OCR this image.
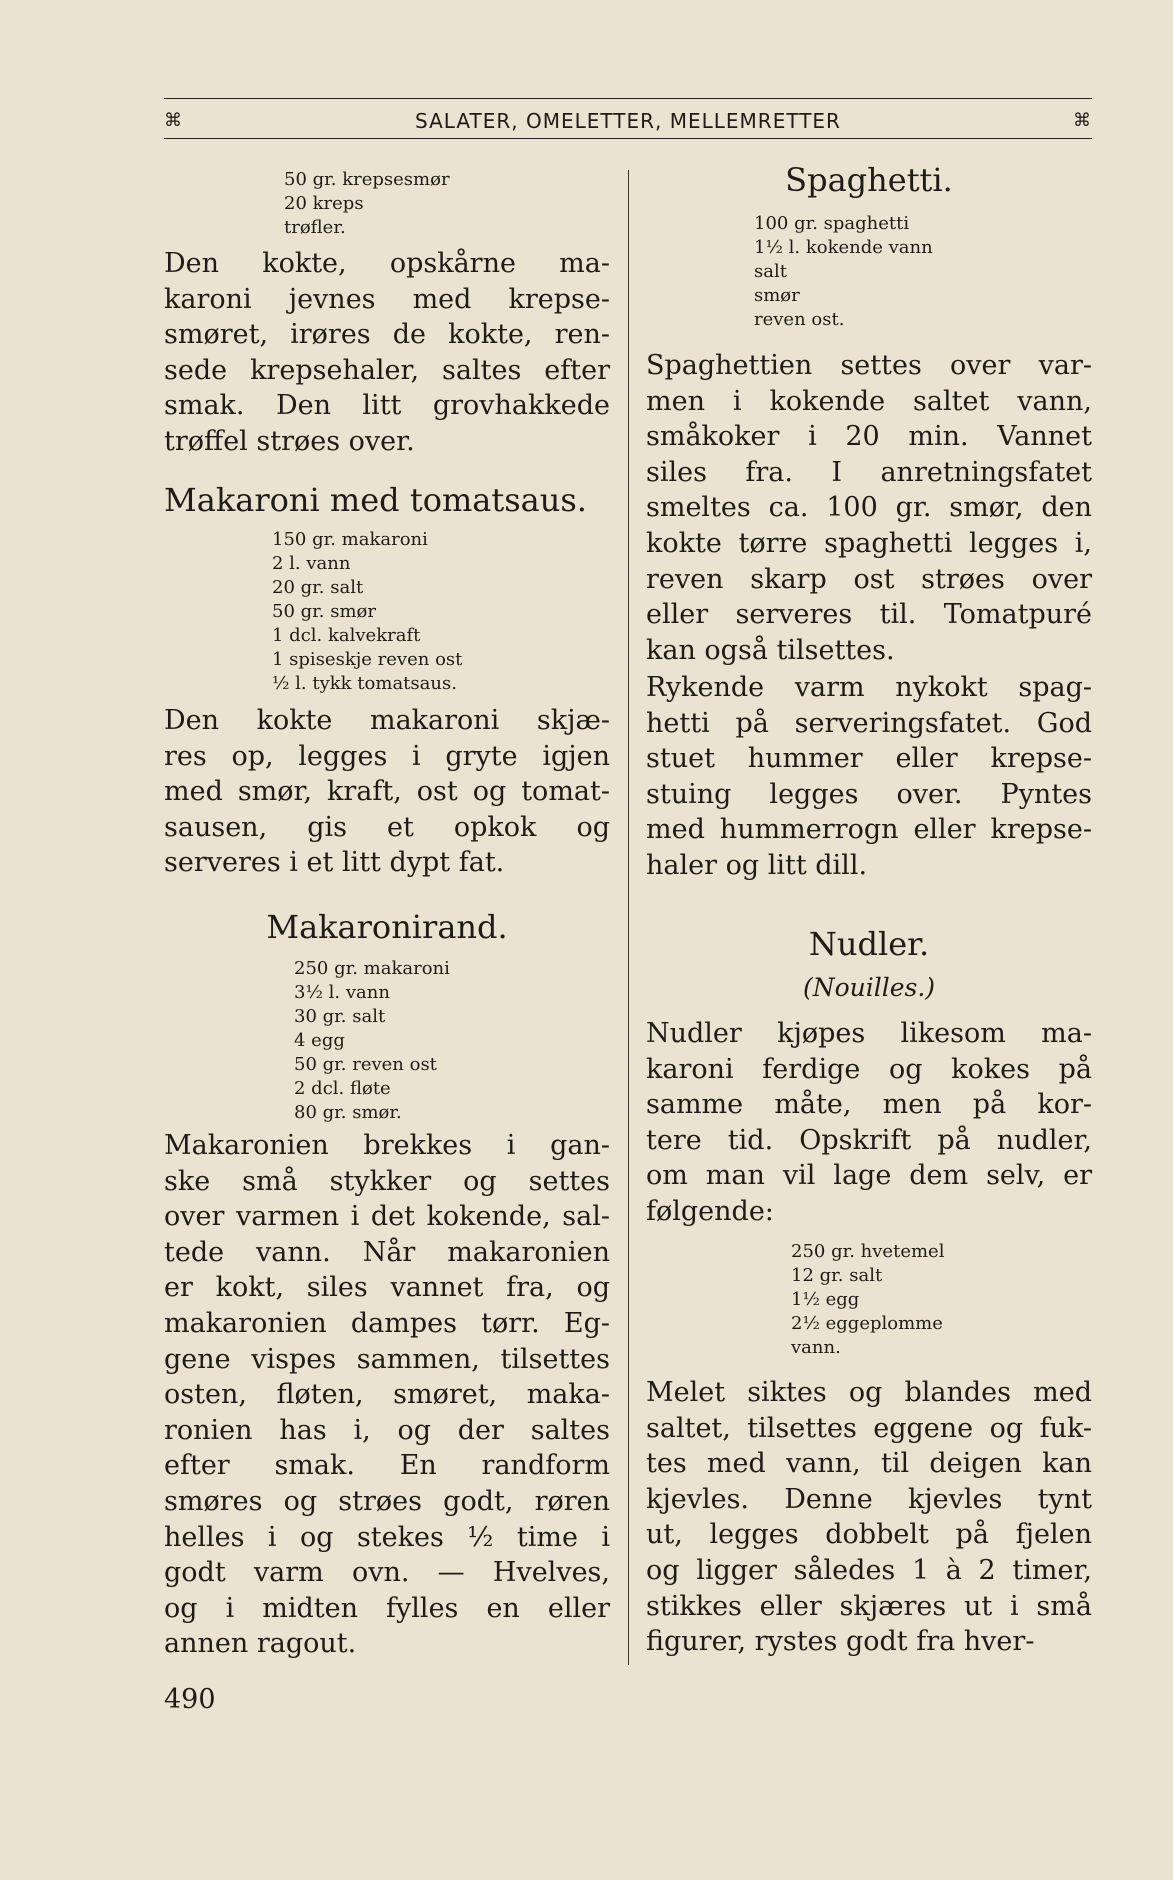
⌘	SALATER, OMELETTER, MELLEMRETTER	⌘
50 gr. krepsesmør
20 kreps
trøfler.
Den kokte, opskårne ma-
karoni jevnes med krepse-
smøret, irøres de kokte, ren-
sede krepsehaler, saltes efter
smak. Den litt grovhakkede
trøffel strøes over.
Makaroni med tomatsaus.
150 gr. makaroni
2 l. vann
20 gr. salt
50 gr. smør
1 dcl. kalvekraft
1 spiseskje reven ost
½ l. tykk tomatsaus.
Den kokte makaroni skjæ-
res op, legges i gryte igjen
med smør, kraft, ost og tomat-
sausen, gis et opkok og
serveres i et litt dypt fat.
Makaronirand.
250 gr. makaroni
3½ l. vann
30 gr. salt
4 egg
50 gr. reven ost
2 dcl. fløte
80 gr. smør.
Makaronien brekkes i gan-
ske små stykker og settes
over varmen i det kokende, sal-
tede vann. Når makaronien
er kokt, siles vannet fra, og
makaronien dampes tørr. Eg-
gene vispes sammen, tilsettes
osten, fløten, smøret, maka-
ronien has i, og der saltes
efter smak. En randform
smøres og strøes godt, røren
helles i og stekes ½ time i
godt varm ovn. — Hvelves,
og i midten fylles en eller
annen ragout.
490
Spaghetti.
100 gr. spaghetti
1½ l. kokende vann
salt
smør
reven ost.
Spaghettien settes over var-
men i kokende saltet vann,
småkoker i 20 min. Vannet
siles fra. I anretningsfatet
smeltes ca. 100 gr. smør, den
kokte tørre spaghetti legges i,
reven skarp ost strøes over
eller serveres til. Tomatpuré
kan også tilsettes.
Rykende varm nykokt spag-
hetti på serveringsfatet. God
stuet hummer eller krepse-
stuing legges over. Pyntes
med hummerrogn eller krepse-
haler og litt dill.
Nudler.
(Nouilles.)
Nudler kjøpes likesom ma-
karoni ferdige og kokes på
samme måte, men på kor-
tere tid. Opskrift på nudler,
om man vil lage dem selv, er
følgende:
250 gr. hvetemel
12 gr. salt
1½ egg
2½ eggeplomme
vann.
Melet siktes og blandes med
saltet, tilsettes eggene og fuk-
tes med vann, til deigen kan
kjevles. Denne kjevles tynt
ut, legges dobbelt på fjelen
og ligger således 1 à 2 timer,
stikkes eller skjæres ut i små
figurer, rystes godt fra hver-
